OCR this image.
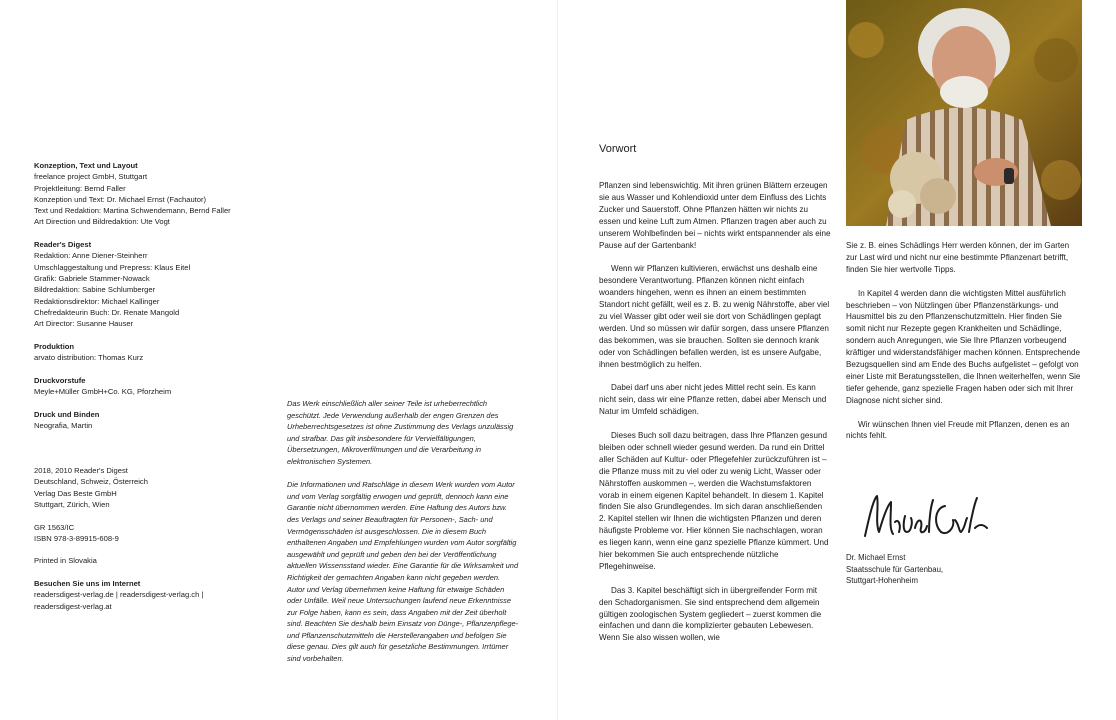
Konzeption, Text und Layout
freelance project GmbH, Stuttgart
Projektleitung: Bernd Faller
Konzeption und Text: Dr. Michael Ernst (Fachautor)
Text und Redaktion: Martina Schwendemann, Bernd Faller
Art Direction und Bildredaktion: Ute Vogt
Reader's Digest
Redaktion: Anne Diener-Steinherr
Umschlaggestaltung und Prepress: Klaus Eitel
Grafik: Gabriele Stammer-Nowack
Bildredaktion: Sabine Schlumberger
Redaktionsdirektor: Michael Kallinger
Chefredakteurin Buch: Dr. Renate Mangold
Art Director: Susanne Hauser
Produktion
arvato distribution: Thomas Kurz
Druckvorstufe
Meyle+Müller GmbH+Co. KG, Pforzheim
Druck und Binden
Neografia, Martin

2018, 2010 Reader's Digest
Deutschland, Schweiz, Österreich
Verlag Das Beste GmbH
Stuttgart, Zürich, Wien
GR 1563/IC
ISBN 978-3-89915-608-9
Printed in Slovakia
Besuchen Sie uns im Internet
readersdigest-verlag.de | readersdigest-verlag.ch |
readersdigest-verlag.at

Das Werk einschließlich aller seiner Teile ist urheberrechtlich geschützt. Jede Verwendung außerhalb der engen Grenzen des Urheberrechtsgesetzes ist ohne Zustimmung des Verlags unzulässig und strafbar. Das gilt insbesondere für Vervielfältigungen, Übersetzungen, Mikroverfilmungen und die Verarbeitung in elektronischen Systemen.

Die Informationen und Ratschläge in diesem Werk wurden vom Autor und vom Verlag sorgfältig erwogen und geprüft, dennoch kann eine Garantie nicht übernommen werden. Eine Haftung des Autors bzw. des Verlags und seiner Beauftragten für Personen-, Sach- und Vermögensschäden ist ausgeschlossen. Die in diesem Buch enthaltenen Angaben und Empfehlungen wurden vom Autor sorgfältig ausgewählt und geprüft und geben den bei der Veröffentlichung aktuellen Wissensstand wieder. Eine Garantie für die Wirksamkeit und Richtigkeit der gemachten Angaben kann nicht gegeben werden. Autor und Verlag übernehmen keine Haftung für etwaige Schäden oder Unfälle. Weil neue Untersuchungen laufend neue Erkenntnisse zur Folge haben, kann es sein, dass Angaben mit der Zeit überholt sind. Beachten Sie deshalb beim Einsatz von Dünge-, Pflanzenpflege- und Pflanzenschutzmitteln die Herstellerangaben und befolgen Sie diese genau. Dies gilt auch für gesetzliche Bestimmungen. Irrtümer sind vorbehalten.

Vorwort

Pflanzen sind lebenswichtig. Mit ihren grünen Blättern erzeugen sie aus Wasser und Kohlendioxid unter dem Einfluss des Lichts Zucker und Sauerstoff. Ohne Pflanzen hätten wir nichts zu essen und keine Luft zum Atmen. Pflanzen tragen aber auch zu unserem Wohlbefinden bei – nichts wirkt entspannender als eine Pause auf der Gartenbank!

Wenn wir Pflanzen kultivieren, erwächst uns deshalb eine besondere Verantwortung. Pflanzen können nicht einfach woanders hingehen, wenn es ihnen an einem bestimmten Standort nicht gefällt, weil es z. B. zu wenig Nährstoffe, aber viel zu viel Wasser gibt oder weil sie dort von Schädlingen geplagt werden. Und so müssen wir dafür sorgen, dass unsere Pflanzen das bekommen, was sie brauchen. Sollten sie dennoch krank oder von Schädlingen befallen werden, ist es unsere Aufgabe, ihnen bestmöglich zu helfen.

Dabei darf uns aber nicht jedes Mittel recht sein. Es kann nicht sein, dass wir eine Pflanze retten, dabei aber Mensch und Natur im Umfeld schädigen.

Dieses Buch soll dazu beitragen, dass Ihre Pflanzen gesund bleiben oder schnell wieder gesund werden. Da rund ein Drittel aller Schäden auf Kultur- oder Pflegefehler zurückzuführen ist – die Pflanze muss mit zu viel oder zu wenig Licht, Wasser oder Nährstoffen auskommen –, werden die Wachstumsfaktoren vorab in einem eigenen Kapitel behandelt. In diesem 1. Kapitel finden Sie also Grundlegendes. Im sich daran anschließenden 2. Kapitel stellen wir Ihnen die wichtigsten Pflanzen und deren häufigste Probleme vor. Hier können Sie nachschlagen, woran es liegen kann, wenn eine ganz spezielle Pflanze kümmert. Und hier bekommen Sie auch entsprechende nützliche Pflegehinweise.

Das 3. Kapitel beschäftigt sich in übergreifender Form mit den Schadorganismen. Sie sind entsprechend dem allgemein gültigen zoologischen System gegliedert – zuerst kommen die einfachen und dann die komplizierter gebauten Lebewesen. Wenn Sie also wissen wollen, wie

Sie z. B. eines Schädlings Herr werden können, der im Garten zur Last wird und nicht nur eine bestimmte Pflanzenart betrifft, finden Sie hier wertvolle Tipps.

In Kapitel 4 werden dann die wichtigsten Mittel ausführlich beschrieben – von Nützlingen über Pflanzenstärkungs- und Hausmittel bis zu den Pflanzenschutzmitteln. Hier finden Sie somit nicht nur Rezepte gegen Krankheiten und Schädlinge, sondern auch Anregungen, wie Sie Ihre Pflanzen vorbeugend kräftiger und widerstandsfähiger machen können. Entsprechende Bezugsquellen sind am Ende des Buchs aufgelistet – gefolgt von einer Liste mit Beratungsstellen, die Ihnen weiterhelfen, wenn Sie tiefer gehende, ganz spezielle Fragen haben oder sich mit Ihrer Diagnose nicht sicher sind.

Wir wünschen Ihnen viel Freude mit Pflanzen, denen es an nichts fehlt.

Dr. Michael Ernst
Staatsschule für Gartenbau,
Stuttgart-Hohenheim
